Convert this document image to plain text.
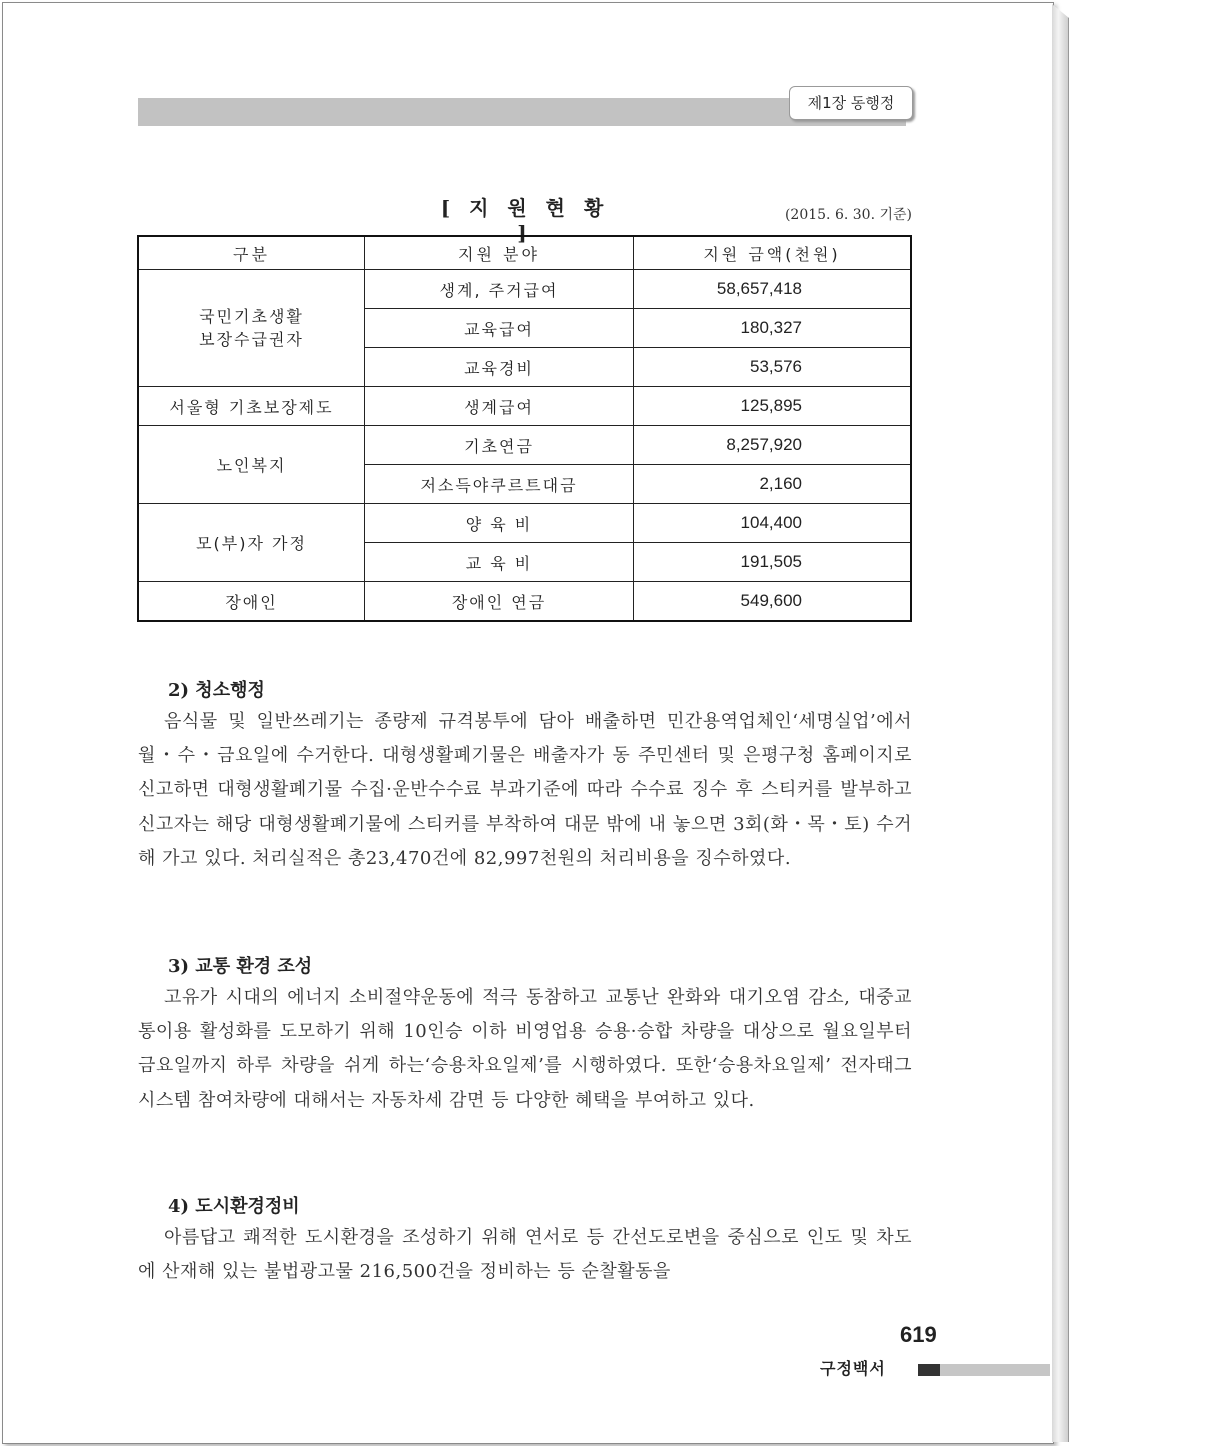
제1장 동행정
[ 지 원 현 황 ]
(2015. 6. 30. 기준)
구분	지원 분야	지원 금액(천원)
국민기초생활
보장수급권자	생계, 주거급여	58,657,418
	교육급여	180,327
	교육경비	53,576
서울형 기초보장제도	생계급여	125,895
노인복지	기초연금	8,257,920
	저소득야쿠르트대금	2,160
모(부)자 가정	양 육 비	104,400
	교 육 비	191,505
장애인	장애인 연금	549,600
2) 청소행정

음식물 및 일반쓰레기는 종량제 규격봉투에 담아 배출하면 민간용역업체인‘세명실업’에서 월・수・금요일에 수거한다. 대형생활폐기물은 배출자가 동 주민센터 및 은평구청 홈페이지로 신고하면 대형생활폐기물 수집·운반수수료 부과기준에 따라 수수료 징수 후 스티커를 발부하고 신고자는 해당 대형생활폐기물에 스티커를 부착하여 대문 밖에 내 놓으면 3회(화・목・토) 수거해 가고 있다. 처리실적은 총23,470건에 82,997천원의 처리비용을 징수하였다.

3) 교통 환경 조성

고유가 시대의 에너지 소비절약운동에 적극 동참하고 교통난 완화와 대기오염 감소, 대중교통이용 활성화를 도모하기 위해 10인승 이하 비영업용 승용·승합 차량을 대상으로 월요일부터 금요일까지 하루 차량을 쉬게 하는‘승용차요일제’를 시행하였다. 또한‘승용차요일제’ 전자태그 시스템 참여차량에 대해서는 자동차세 감면 등 다양한 혜택을 부여하고 있다.

4) 도시환경정비

아름답고 쾌적한 도시환경을 조성하기 위해 연서로 등 간선도로변을 중심으로 인도 및 차도에 산재해 있는 불법광고물 216,500건을 정비하는 등 순찰활동을

619
구정백서
